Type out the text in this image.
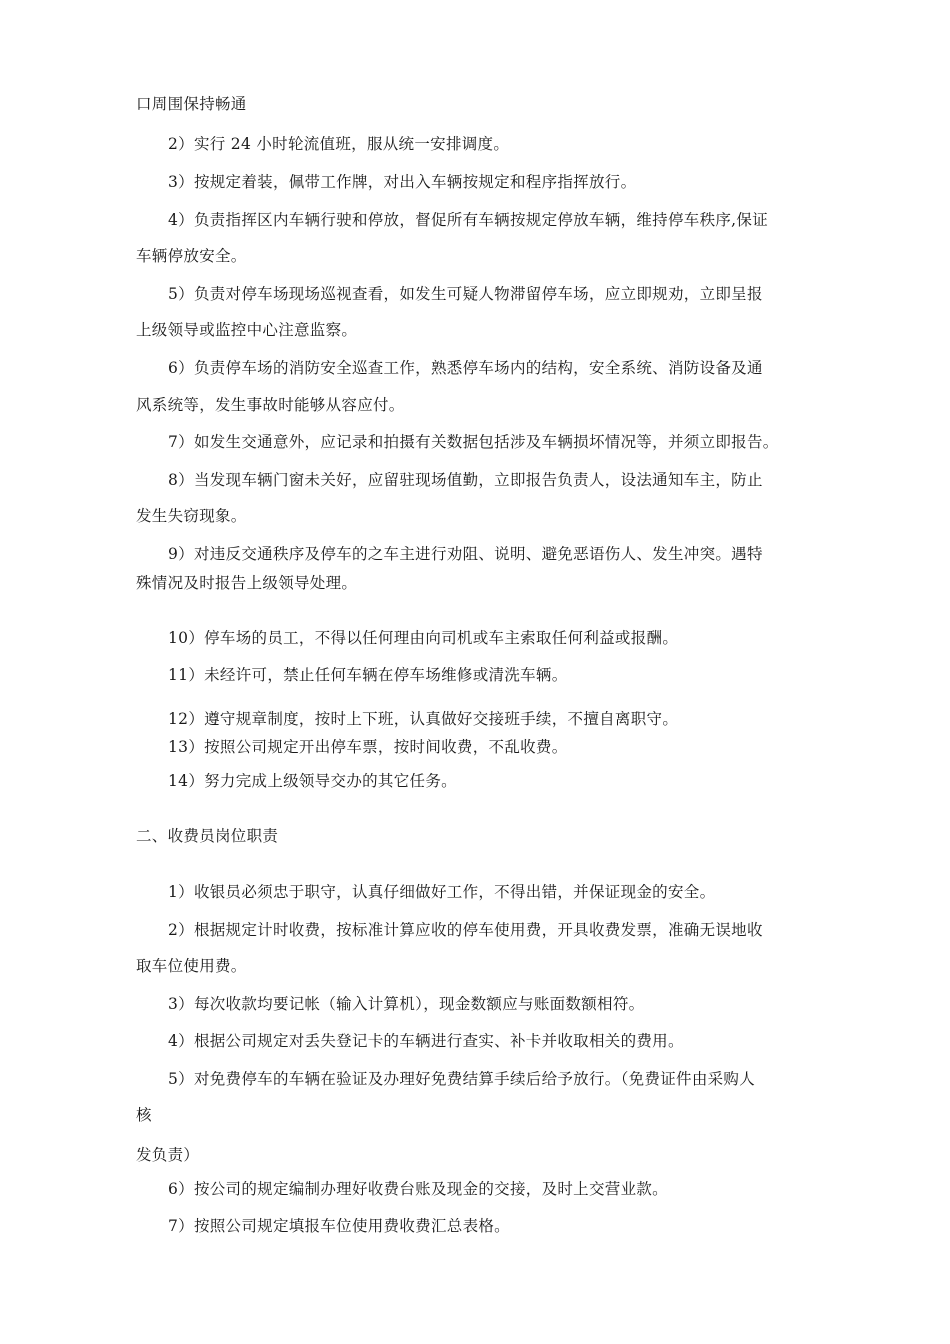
口周围保持畅通
2）实行 24 小时轮流值班，服从统一安排调度。
3）按规定着装，佩带工作牌，对出入车辆按规定和程序指挥放行。
4）负责指挥区内车辆行驶和停放，督促所有车辆按规定停放车辆，维持停车秩序,保证
车辆停放安全。
5）负责对停车场现场巡视查看，如发生可疑人物滞留停车场，应立即规劝，立即呈报
上级领导或监控中心注意监察。
6）负责停车场的消防安全巡查工作，熟悉停车场内的结构，安全系统、消防设备及通
风系统等，发生事故时能够从容应付。
7）如发生交通意外，应记录和拍摄有关数据包括涉及车辆损坏情况等，并须立即报告。
8）当发现车辆门窗未关好，应留驻现场值勤，立即报告负责人，设法通知车主，防止
发生失窃现象。
9）对违反交通秩序及停车的之车主进行劝阻、说明、避免恶语伤人、发生冲突。遇特
殊情况及时报告上级领导处理。
10）停车场的员工，不得以任何理由向司机或车主索取任何利益或报酬。
11）未经许可，禁止任何车辆在停车场维修或清洗车辆。
12）遵守规章制度，按时上下班，认真做好交接班手续，不擅自离职守。
13）按照公司规定开出停车票，按时间收费，不乱收费。
14）努力完成上级领导交办的其它任务。
二、收费员岗位职责
1）收银员必须忠于职守，认真仔细做好工作，不得出错，并保证现金的安全。
2）根据规定计时收费，按标准计算应收的停车使用费，开具收费发票，准确无误地收
取车位使用费。
3）每次收款均要记帐（输入计算机），现金数额应与账面数额相符。
4）根据公司规定对丢失登记卡的车辆进行查实、补卡并收取相关的费用。
5）对免费停车的车辆在验证及办理好免费结算手续后给予放行。（免费证件由采购人
核
发负责）
6）按公司的规定编制办理好收费台账及现金的交接，及时上交营业款。
7）按照公司规定填报车位使用费收费汇总表格。
